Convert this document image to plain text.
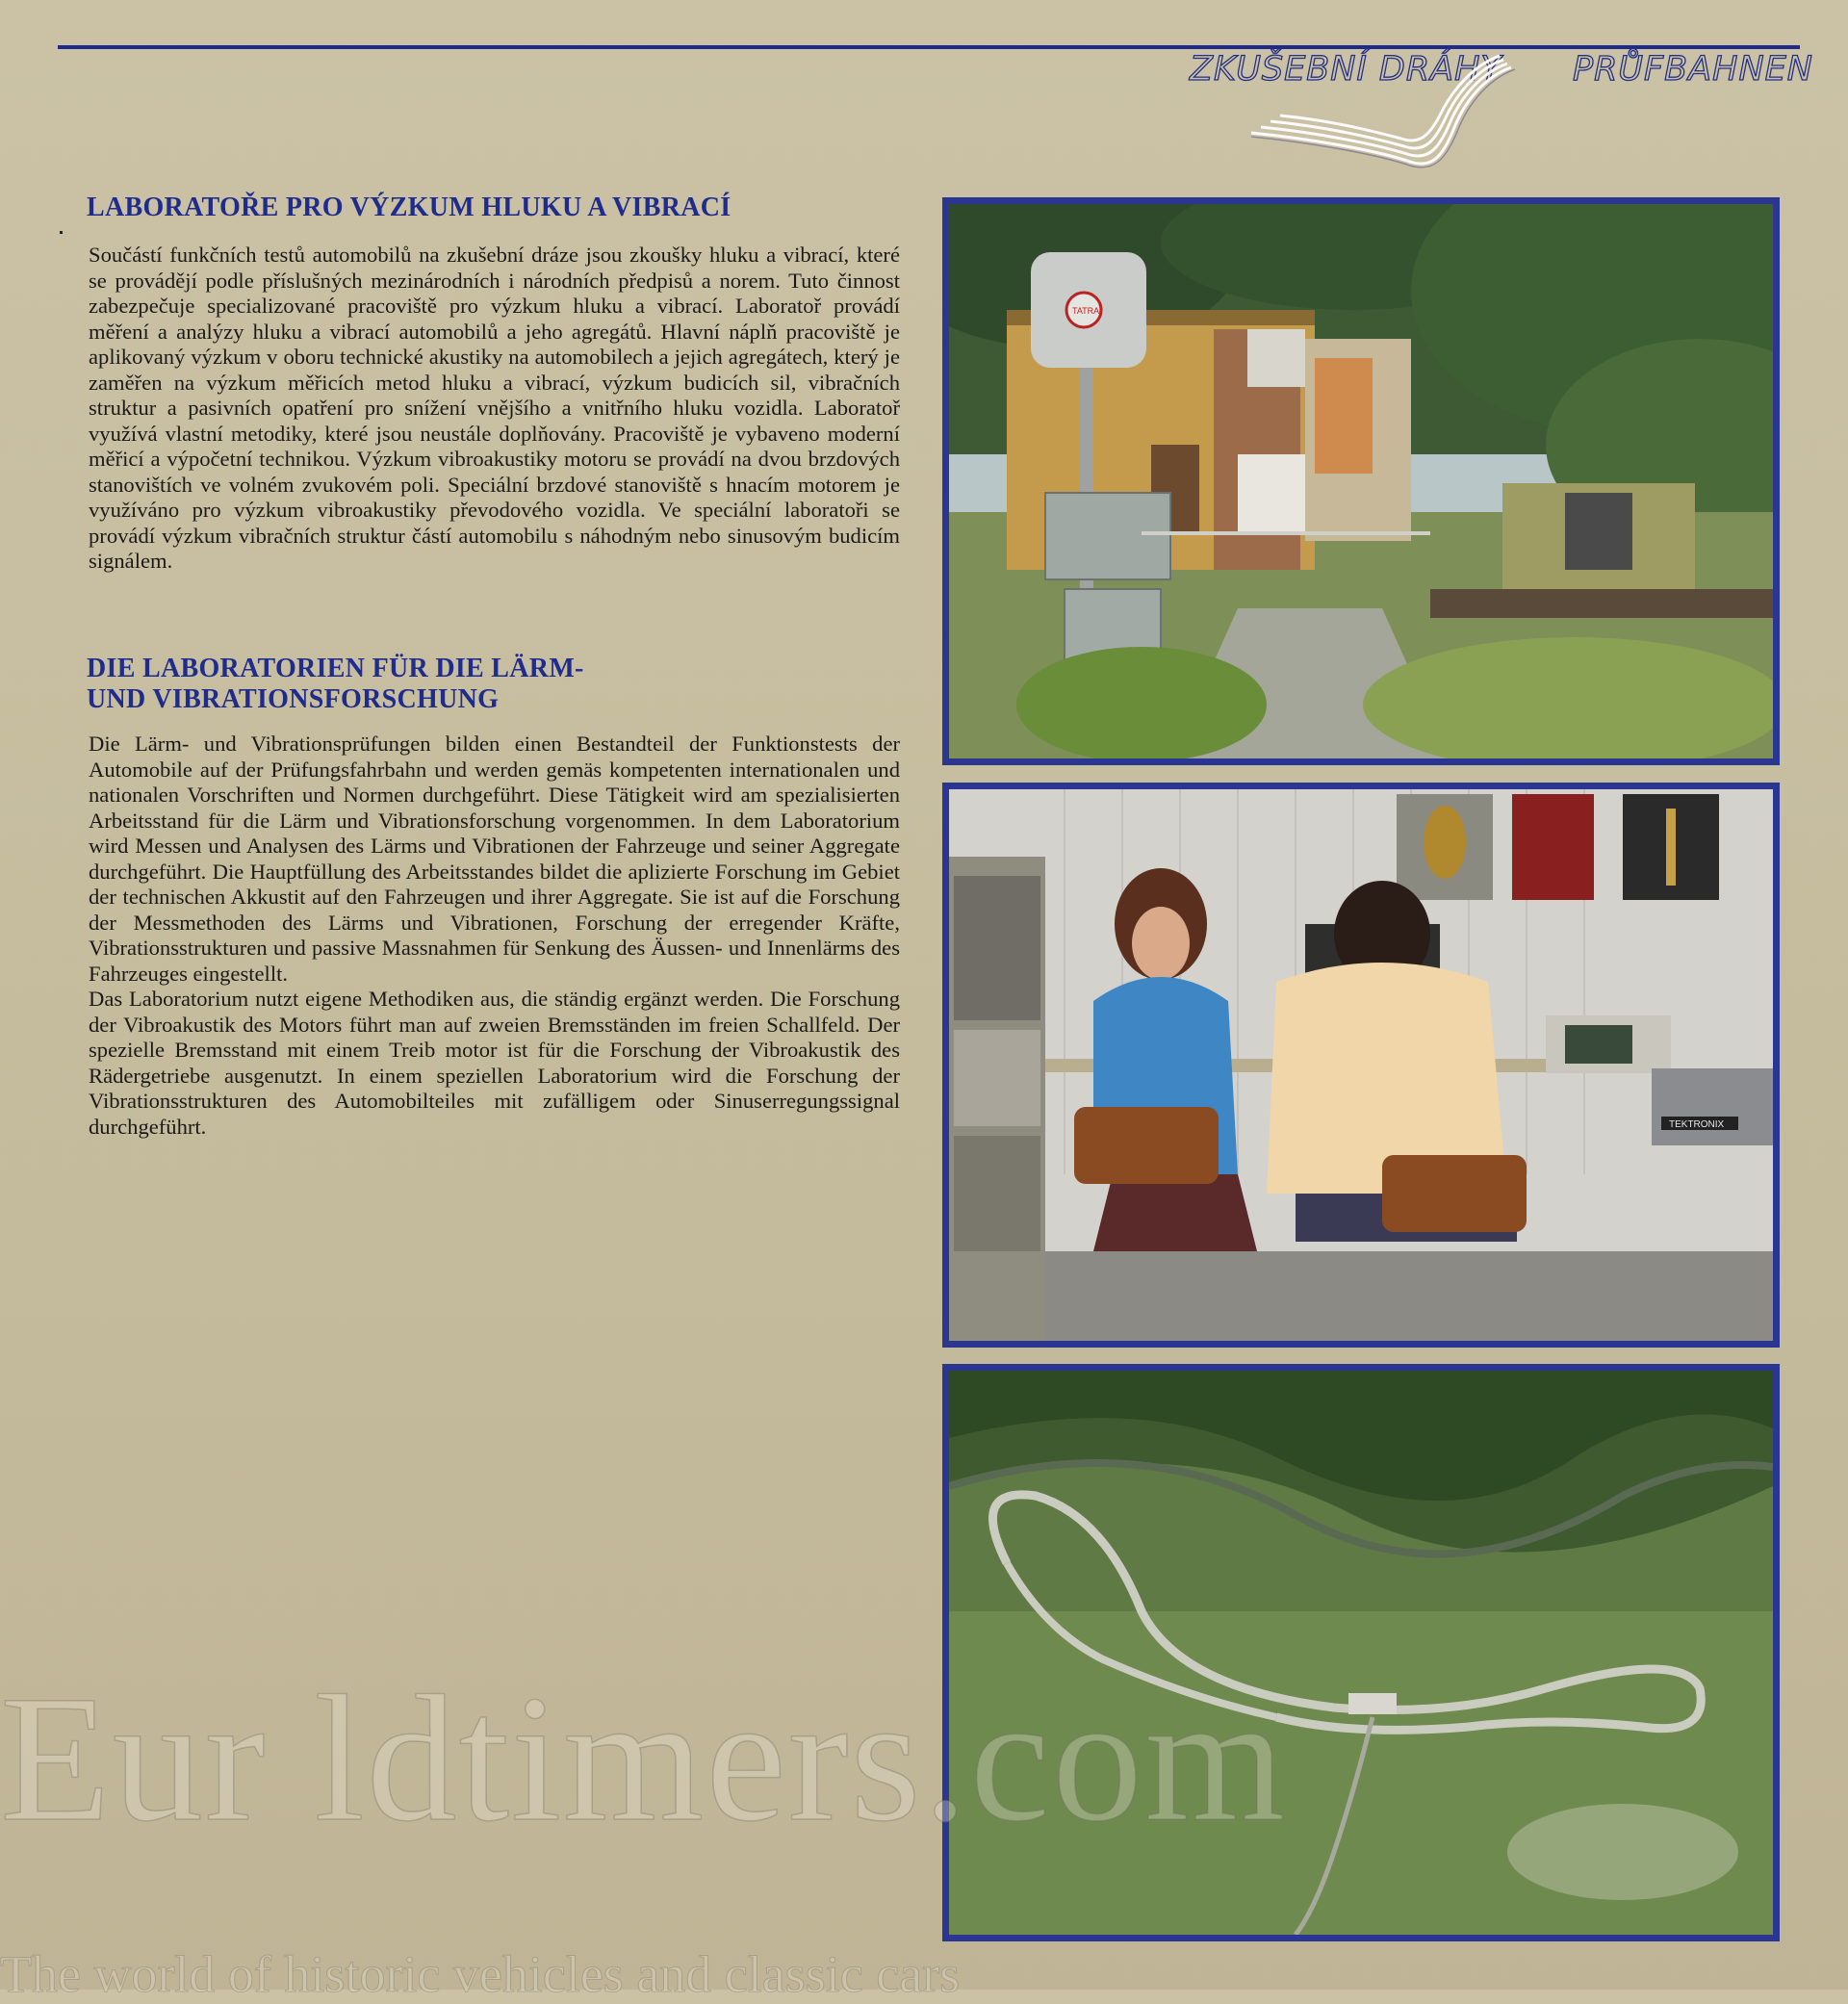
ZKUŠEBNÍ DRÁHY PRŮFBAHNEN
LABORATOŘE PRO VÝZKUM HLUKU A VIBRACÍ

Součástí funkčních testů automobilů na zkušební dráze jsou zkoušky hluku a vibrací, které se provádějí podle příslušných mezinárodních i národních předpisů a norem. Tuto činnost zabezpečuje specializované pracoviště pro výzkum hluku a vibrací. Laboratoř provádí měření a analýzy hluku a vibrací automobilů a jeho agregátů. Hlavní náplň pracoviště je aplikovaný výzkum v oboru technické akustiky na automobilech a jejich agregátech, který je zaměřen na výzkum měřicích metod hluku a vibrací, výzkum budicích sil, vibračních struktur a pasivních opatření pro snížení vnějšího a vnitřního hluku vozidla. Laboratoř využívá vlastní metodiky, které jsou neustále doplňovány. Pracoviště je vybaveno moderní měřicí a výpočetní technikou. Výzkum vibroakustiky motoru se provádí na dvou brzdových stanovištích ve volném zvukovém poli. Speciální brzdové stanoviště s hnacím motorem je využíváno pro výzkum vibroakustiky převodového vozidla. Ve speciální laboratoři se provádí výzkum vibračních struktur částí automobilu s náhodným nebo sinusovým budicím signálem.

DIE LABORATORIEN FÜR DIE LÄRM-
UND VIBRATIONSFORSCHUNG

Die Lärm- und Vibrationsprüfungen bilden einen Bestandteil der Funktionstests der Automobile auf der Prüfungsfahrbahn und werden gemäs kompetenten internationalen und nationalen Vorschriften und Normen durchgeführt. Diese Tätigkeit wird am spezialisierten Arbeitsstand für die Lärm und Vibrationsforschung vorgenommen. In dem Laboratorium wird Messen und Analysen des Lärms und Vibrationen der Fahrzeuge und seiner Aggregate durchgeführt. Die Hauptfüllung des Arbeitsstandes bildet die aplizierte Forschung im Gebiet der technischen Akkustit auf den Fahrzeugen und ihrer Aggregate. Sie ist auf die Forschung der Messmethoden des Lärms und Vibrationen, Forschung der erregender Kräfte, Vibrationsstrukturen und passive Massnahmen für Senkung des Äussen- und Innenlärms des Fahrzeuges eingestellt.

Das Laboratorium nutzt eigene Methodiken aus, die ständig ergänzt werden. Die Forschung der Vibroakustik des Motors führt man auf zweien Bremsständen im freien Schallfeld. Der spezielle Bremsstand mit einem Treib motor ist für die Forschung der Vibroakustik des Rädergetriebe ausgenutzt. In einem speziellen Laboratorium wird die Forschung der Vibrationsstrukturen des Automobilteiles mit zufälligem oder Sinuserregungssignal durchgeführt.

TATRA
TEKTRONIX
Eur ldtimers.com
The world of historic vehicles and classic cars
